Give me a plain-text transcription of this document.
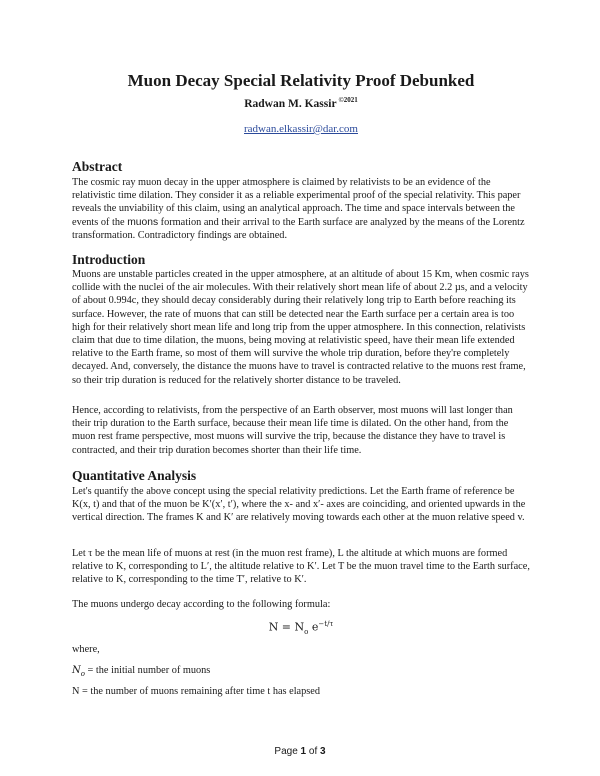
Muon Decay Special Relativity Proof Debunked
Radwan M. Kassir $^{©2021}$
radwan.elkassir@dar.com
Abstract

The cosmic ray muon decay in the upper atmosphere is claimed by relativists to be an evidence of the relativistic time dilation. They consider it as a reliable experimental proof of the special relativity. This paper reveals the unviability of this claim, using an analytical approach. The time and space intervals between the events of the muons formation and their arrival to the Earth surface are analyzed by the means of the Lorentz transformation. Contradictory findings are obtained.

Introduction

Muons are unstable particles created in the upper atmosphere, at an altitude of about 15 Km, when cosmic rays collide with the nuclei of the air molecules. With their relatively short mean life of about 2.2 µs, and a velocity of about 0.994c, they should decay considerably during their relatively long trip to Earth before reaching its surface. However, the rate of muons that can still be detected near the Earth surface per a certain area is too high for their relatively short mean life and long trip from the upper atmosphere. In this connection, relativists claim that due to time dilation, the muons, being moving at relativistic speed, have their mean life extended relative to the Earth frame, so most of them will survive the whole trip duration, before they're completely decayed. And, conversely, the distance the muons have to travel is contracted relative to the muons rest frame, so their trip duration is reduced for the relatively shorter distance to be traveled.

Hence, according to relativists, from the perspective of an Earth observer, most muons will last longer than their trip duration to the Earth surface, because their mean life time is dilated. On the other hand, from the muon rest frame perspective, most muons will survive the trip, because the distance they have to travel is contracted, and their trip duration becomes shorter than their life time.

Quantitative Analysis

Let's quantify the above concept using the special relativity predictions. Let the Earth frame of reference be K(x, t) and that of the muon be K′(x′, t′), where the x- and x′- axes are coinciding, and oriented upwards in the vertical direction. The frames K and K′ are relatively moving towards each other at the muon relative speed v.

Let τ be the mean life of muons at rest (in the muon rest frame), L the altitude at which muons are formed relative to K, corresponding to L′, the altitude relative to K′. Let T be the muon travel time to the Earth surface, relative to K, corresponding to the time T′, relative to K′.

The muons undergo decay according to the following formula:

$N = N_o$ $e^{-t/\tau}$

where,

$N_o$ = the initial number of muons

N = the number of muons remaining after time t has elapsed

Page 1 of 3
